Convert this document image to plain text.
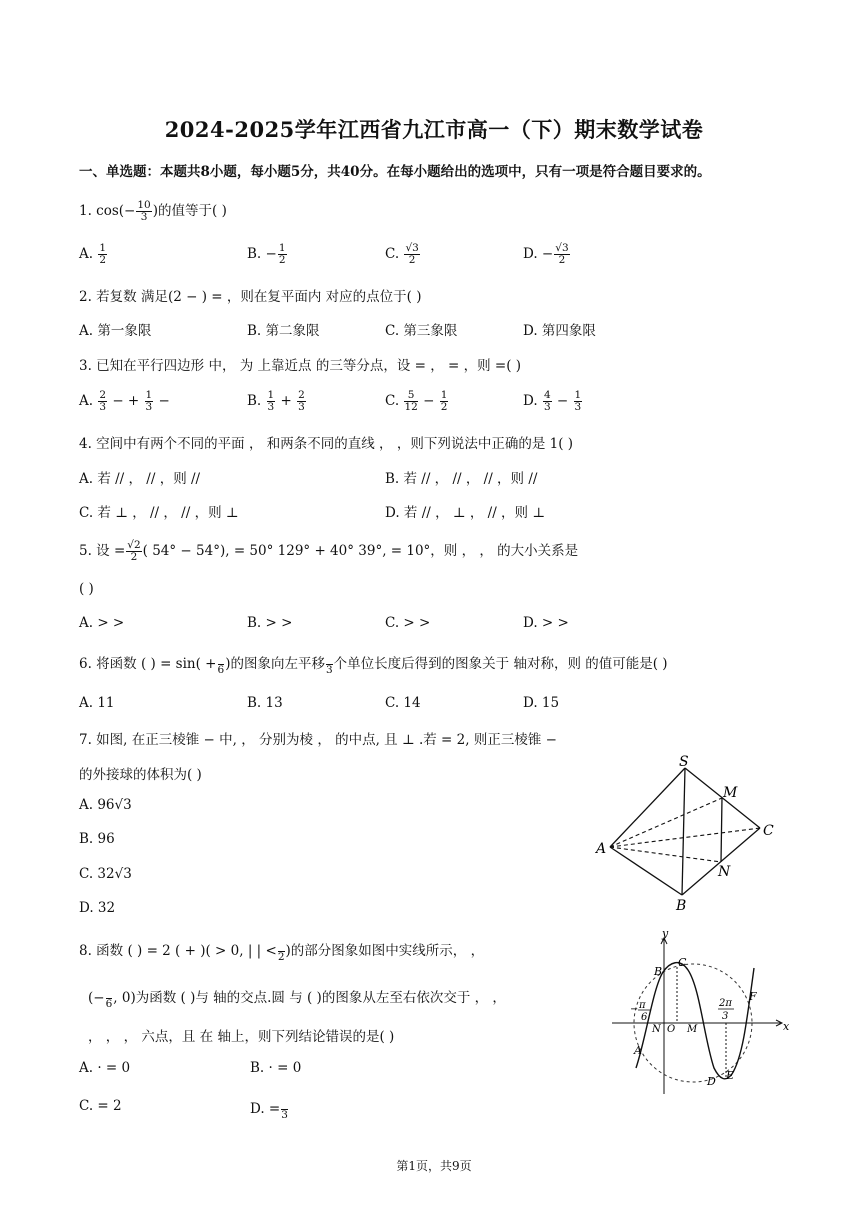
2024-2025学年江西省九江市高一（下）期末数学试卷
一、单选题：本题共8小题，每小题5分，共40分。在每小题给出的选项中，只有一项是符合题目要求的。
1. $\cos(- \frac{10}{3}$ )的值等于( )
A. $\frac{1}{2}$	B. − $\frac{1}{2}$	C. $\frac{√3}{2}$	D. − $\frac{√3}{2}$
2. 若复数 满足(2 − ) = ，则在复平面内 对应的点位于( )
A. 第一象限	B. 第二象限	C. 第三象限	D. 第四象限
3. 已知在平行四边形 中， 为 上靠近点 的三等分点，设 = ， = ，则 =( )
A. $\frac{2}{3}$ − + $\frac{1}{3}$ −	B. $\frac{1}{3} + \frac{2}{3}$	C. $\frac{5}{12} - \frac{1}{2}$	D. $\frac{4}{3} - \frac{1}{3}$
4. 空间中有两个不同的平面 ， 和两条不同的直线 ， ，则下列说法中正确的是 1( )
A. 若 // ， // ，则 //	B. 若 // ， // ， // ，则 //
C. 若 ⊥ ， // ， // ，则 ⊥	D. 若 // ， ⊥ ， // ，则 ⊥
5. 设 = $\frac{√2}{2}$ ( 54° − 54°), = 50° 129° + 40° 39°, = 10°，则 ， ， 的大小关系是
( )
A. > >	B. > >	C. > >	D. > >
6. 将函数 ( ) = sin( +
6 )的图象向左平移
3 个单位长度后得到的图象关于 轴对称，则 的值可能是( )
A. 11	B. 13	C. 14	D. 15
7. 如图, 在正三棱锥 − 中, ， 分别为棱 ， 的中点, 且 ⊥ .若 = 2, 则正三棱锥 −
的外接球的体积为( )
A. 96√3
B. 96
C. 32√3
D. 32
S
M
C
A
N
B
8. 函数 ( ) = 2 ( + )( > 0, | | <
2 )的部分图象如图中实线所示， ，
(−
6 , 0)为函数 ( )与 轴的交点.圆 与 ( )的图象从左至右依次交于 ， ，
， ， ， 六点，且 在 轴上，则下列结论错误的是( )
A. · = 0	B. · = 0
C. = 2	D. =
3
y
x
B
C
− π
6
2π
3
F
N O M
A
D E
第1页，共9页
